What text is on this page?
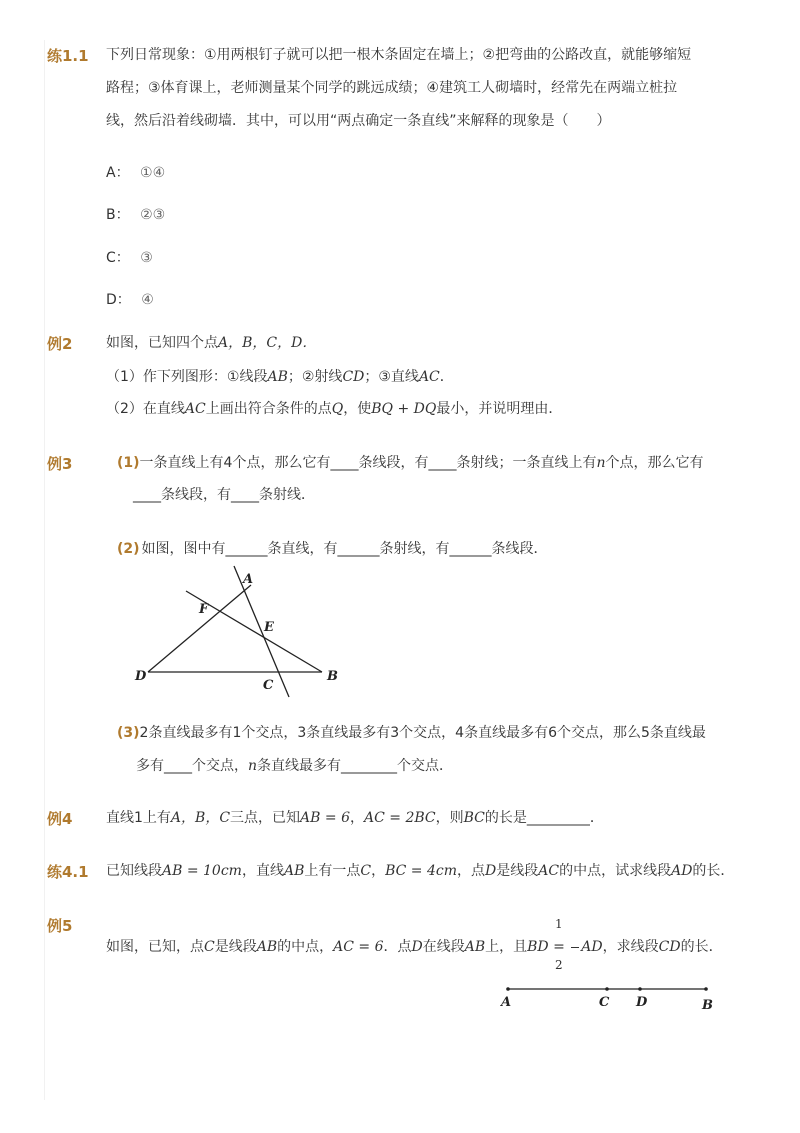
练1.1 下列日常现象：①用两根钉子就可以把一根木条固定在墙上；②把弯曲的公路改直，就能够缩短
路程；③体育课上，老师测量某个同学的跳远成绩；④建筑工人砌墙时，经常先在两端立桩拉
线，然后沿着线砌墙．其中，可以用“两点确定一条直线”来解释的现象是（　　）
A： ①④
B： ②③
C： ③
D： ④
例2 如图，已知四个点A，B，C，D．
（1）作下列图形：①线段AB；②射线CD；③直线AC．
（2）在直线AC上画出符合条件的点Q，使BQ + DQ最小，并说明理由．
例3	(1)一条直线上有4个点，那么它有____条线段，有____条射线；一条直线上有n个点，那么它有
____条线段，有____条射线．
(2) 如图，图中有______条直线，有______条射线，有______条线段．
A
F
E
D	B
C
(3)2条直线最多有1个交点，3条直线最多有3个交点，4条直线最多有6个交点，那么5条直线最
多有____个交点，n条直线最多有________个交点．
例4 直线1上有A，B，C三点，已知AB = 6，AC = 2BC，则BC的长是_________．
练4.1 已知线段AB = 10cm，直线AB上有一点C，BC = 4cm，点D是线段AC的中点，试求线段AD的长．
例5	1
2
如图，已知，点C是线段AB的中点，AC = 6．点D在线段AB上，且BD = AD，求线段CD的长．
A	C D	B
